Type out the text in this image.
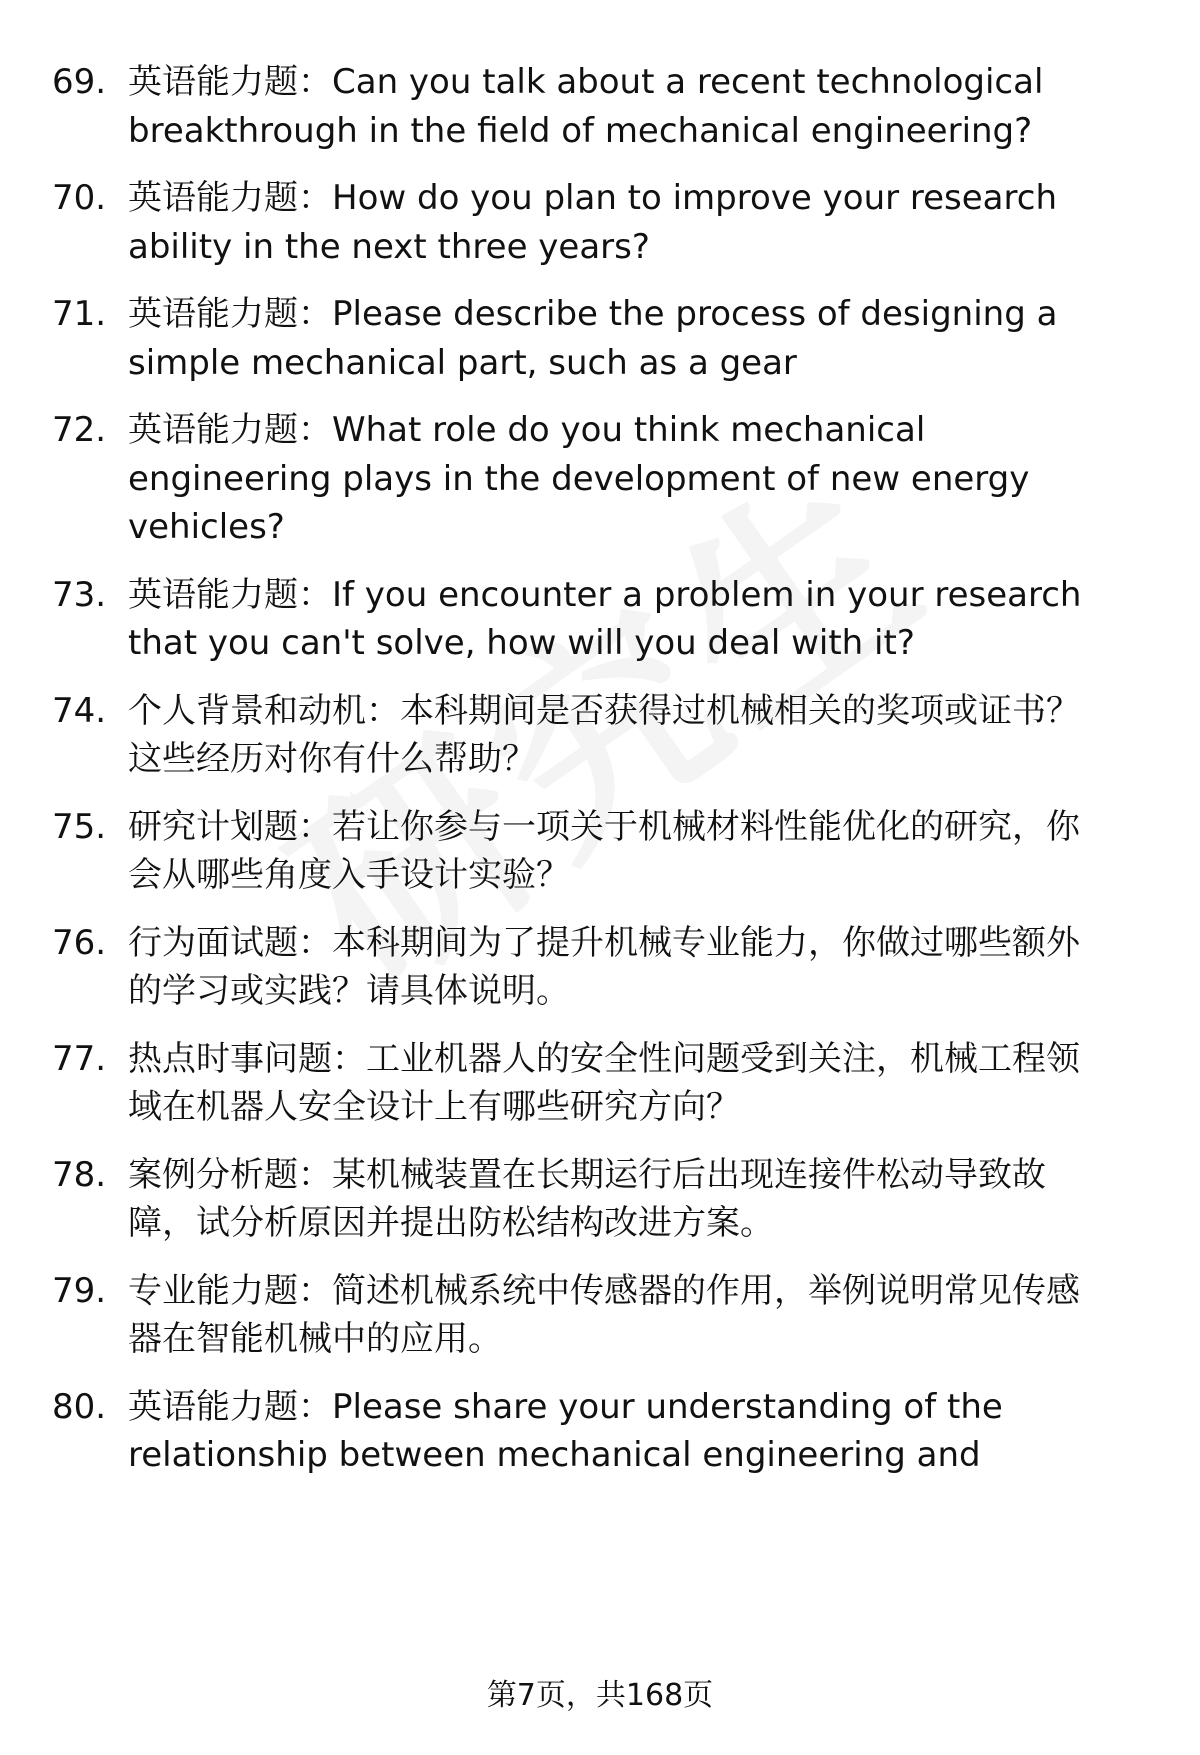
69. 英语能力题：Can you talk about a recent technological
breakthrough in the field of mechanical engineering?
70. 英语能力题：How do you plan to improve your research
ability in the next three years?
71. 英语能力题：Please describe the process of designing a
simple mechanical part, such as a gear
72. 英语能力题：What role do you think mechanical
engineering plays in the development of new energy
vehicles?
73. 英语能力题：If you encounter a problem in your research
that you can't solve, how will you deal with it?
74. 个人背景和动机：本科期间是否获得过机械相关的奖项或证书？
这些经历对你有什么帮助？
75. 研究计划题：若让你参与一项关于机械材料性能优化的研究，你
会从哪些角度入手设计实验？
76. 行为面试题：本科期间为了提升机械专业能力，你做过哪些额外
的学习或实践？请具体说明。
77. 热点时事问题：工业机器人的安全性问题受到关注，机械工程领
域在机器人安全设计上有哪些研究方向？
78. 案例分析题：某机械装置在长期运行后出现连接件松动导致故
障，试分析原因并提出防松结构改进方案。
79. 专业能力题：简述机械系统中传感器的作用，举例说明常见传感
器在智能机械中的应用。
80. 英语能力题：Please share your understanding of the
relationship between mechanical engineering and
第7页，共168页
